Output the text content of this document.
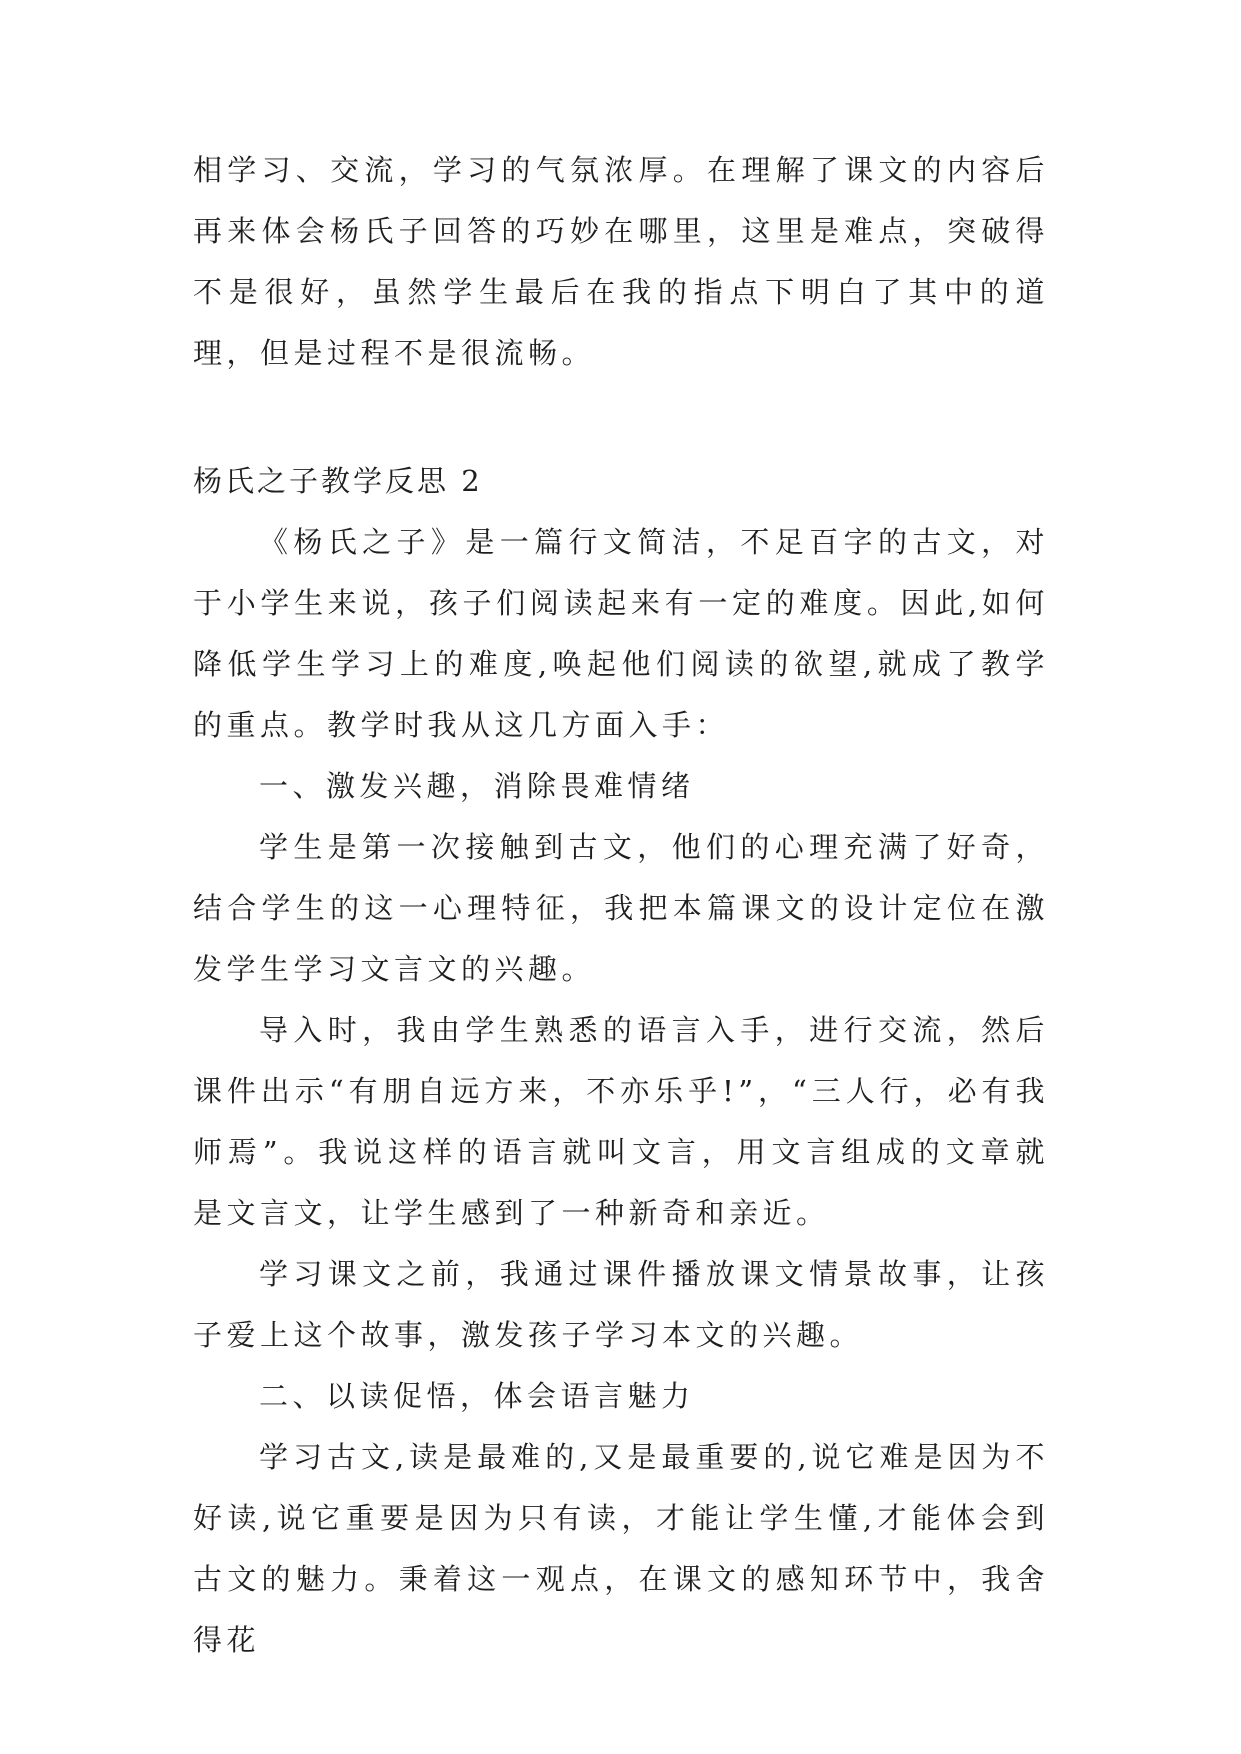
相学习、交流，学习的气氛浓厚。在理解了课文的内容后再来体会杨氏子回答的巧妙在哪里，这里是难点，突破得不是很好，虽然学生最后在我的指点下明白了其中的道理，但是过程不是很流畅。

杨氏之子教学反思 2

《杨氏之子》是一篇行文简洁，不足百字的古文，对于小学生来说，孩子们阅读起来有一定的难度。因此,如何降低学生学习上的难度,唤起他们阅读的欲望,就成了教学的重点。教学时我从这几方面入手：

一、激发兴趣，消除畏难情绪

学生是第一次接触到古文，他们的心理充满了好奇，结合学生的这一心理特征，我把本篇课文的设计定位在激发学生学习文言文的兴趣。

导入时，我由学生熟悉的语言入手，进行交流，然后课件出示“有朋自远方来，不亦乐乎!”，“三人行，必有我师焉”。我说这样的语言就叫文言，用文言组成的文章就是文言文，让学生感到了一种新奇和亲近。

学习课文之前，我通过课件播放课文情景故事，让孩子爱上这个故事，激发孩子学习本文的兴趣。

二、以读促悟，体会语言魅力

学习古文,读是最难的,又是最重要的,说它难是因为不好读,说它重要是因为只有读，才能让学生懂,才能体会到古文的魅力。秉着这一观点，在课文的感知环节中，我舍得花
